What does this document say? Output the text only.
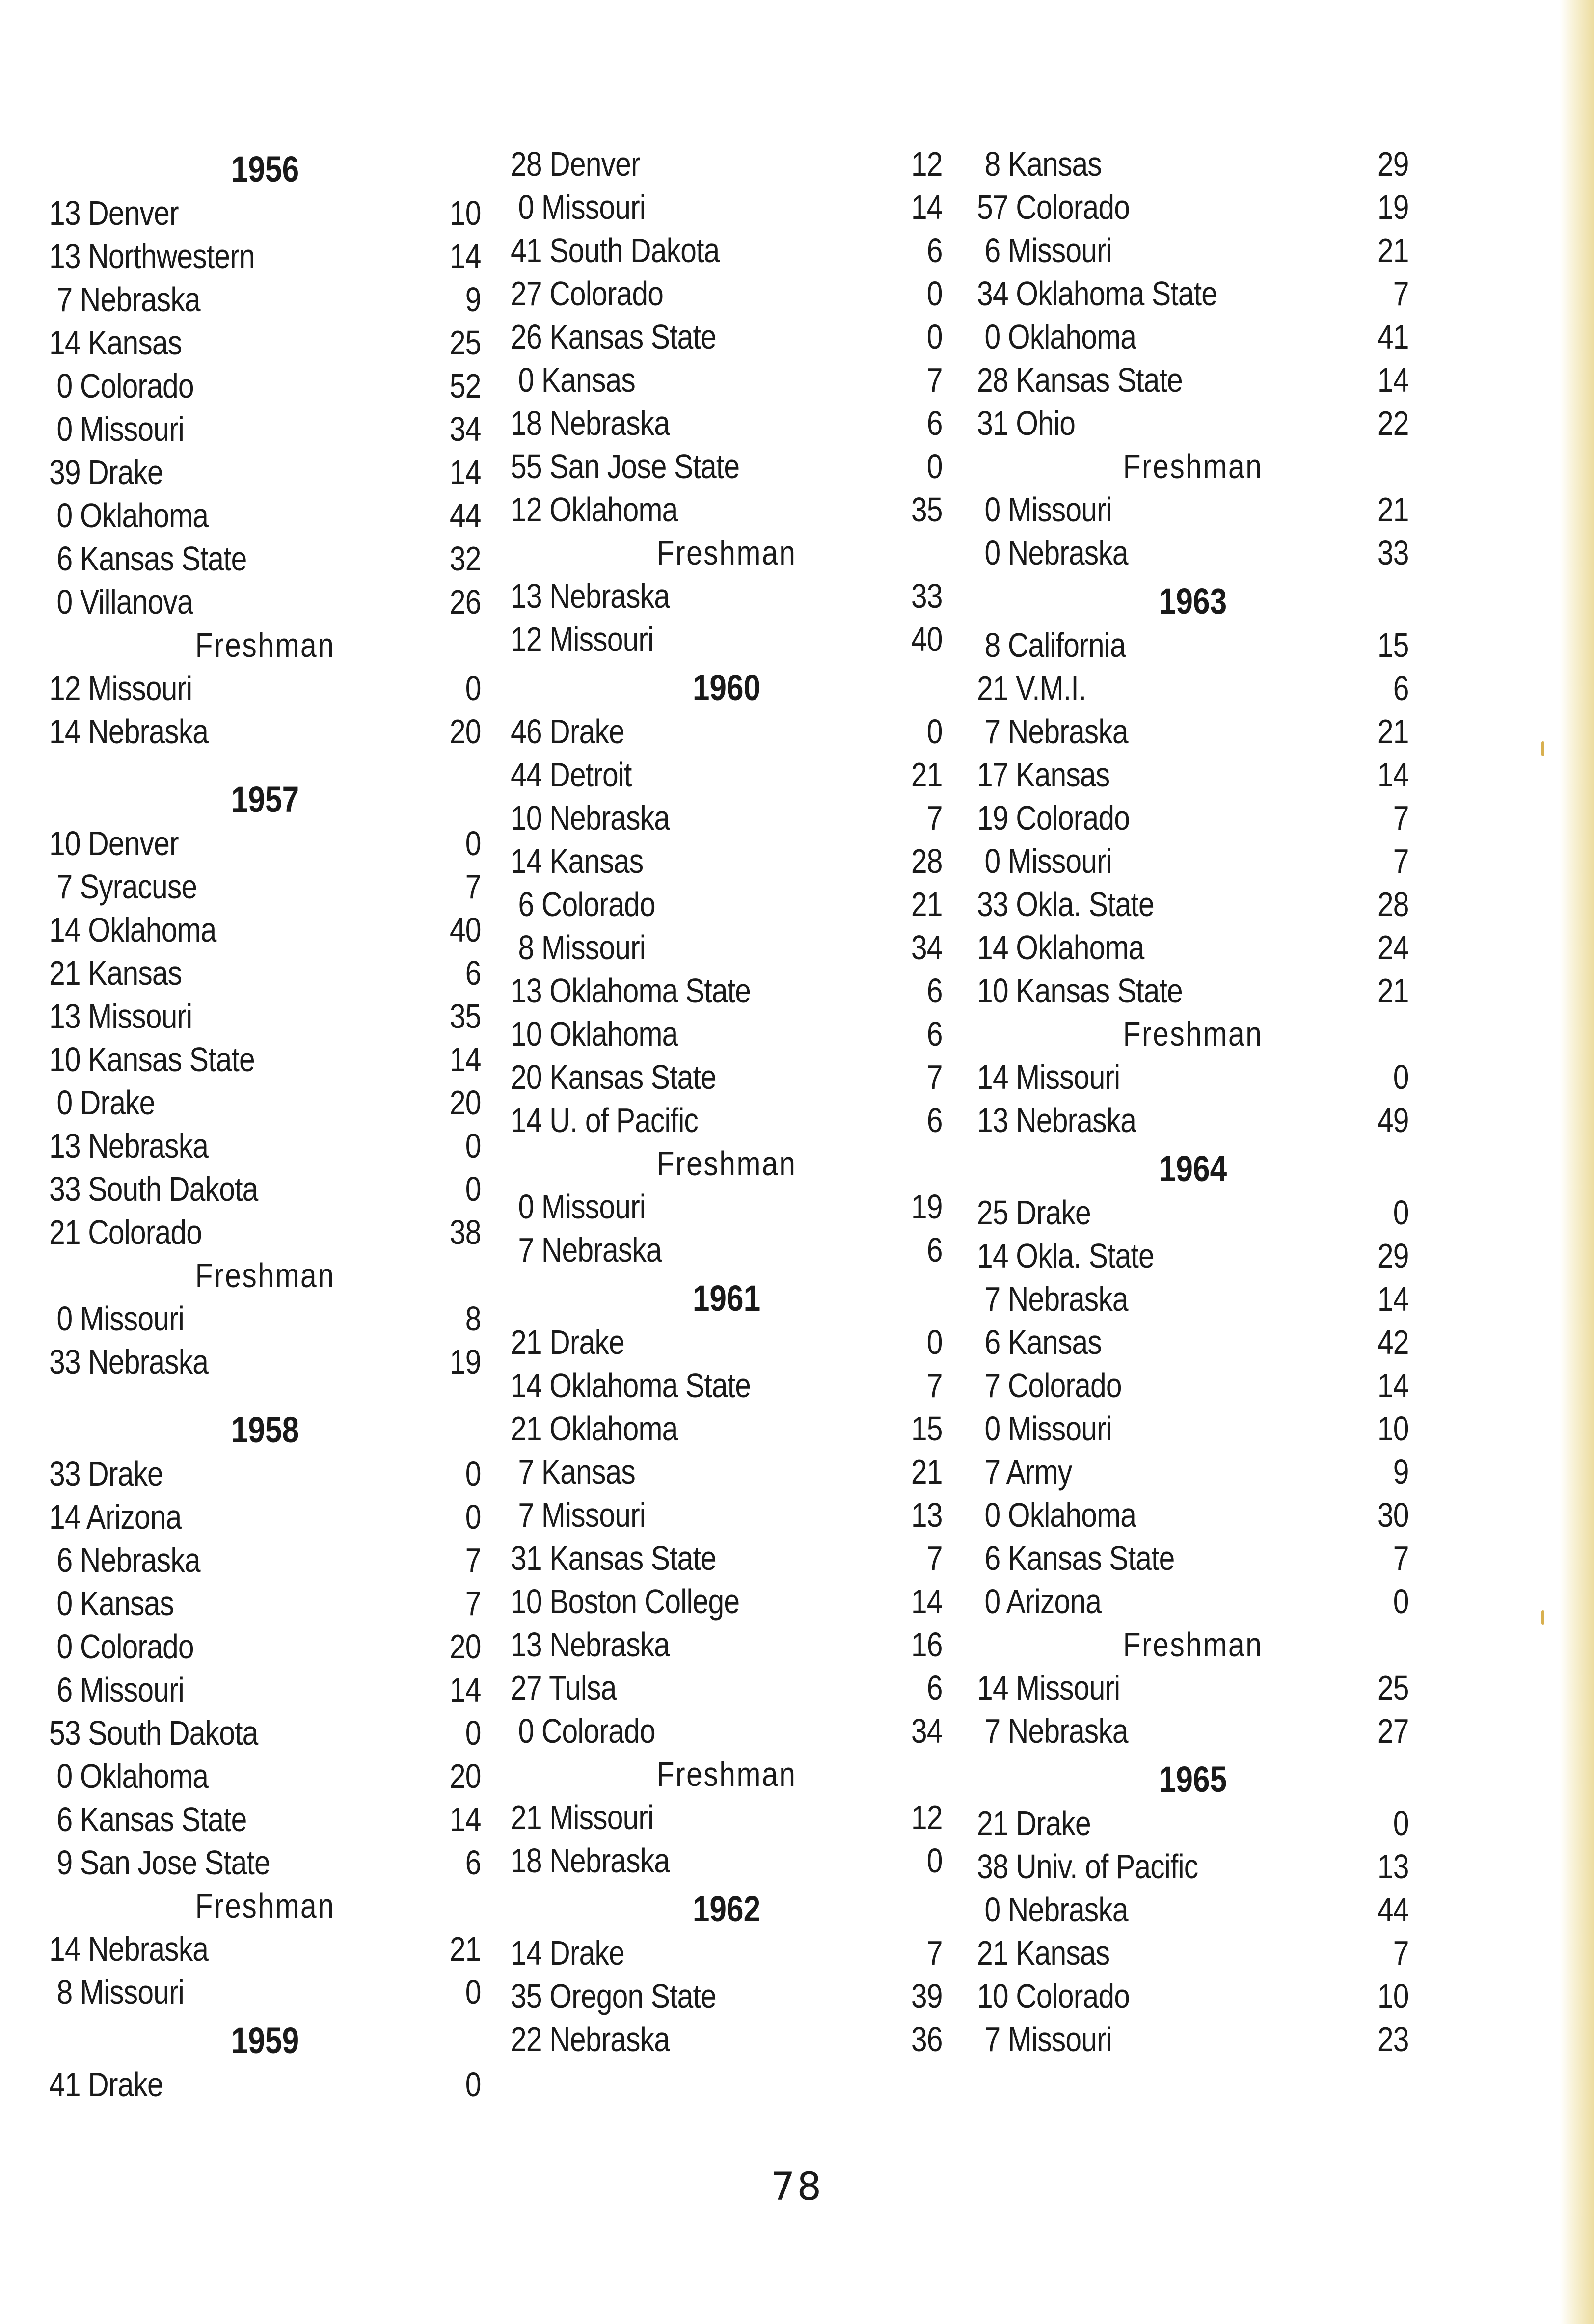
1956
13 Denver	10
13 Northwestern	14
7 Nebraska	9
14 Kansas	25
0 Colorado	52
0 Missouri	34
39 Drake	14
0 Oklahoma	44
6 Kansas State	32
0 Villanova	26
Freshman
12 Missouri	0
14 Nebraska	20
1957
10 Denver	0
7 Syracuse	7
14 Oklahoma	40
21 Kansas	6
13 Missouri	35
10 Kansas State	14
0 Drake	20
13 Nebraska	0
33 South Dakota	0
21 Colorado	38
Freshman
0 Missouri	8
33 Nebraska	19
1958
33 Drake	0
14 Arizona	0
6 Nebraska	7
0 Kansas	7
0 Colorado	20
6 Missouri	14
53 South Dakota	0
0 Oklahoma	20
6 Kansas State	14
9 San Jose State	6
Freshman
14 Nebraska	21
8 Missouri	0
1959
41 Drake	0
28 Denver	12
0 Missouri	14
41 South Dakota	6
27 Colorado	0
26 Kansas State	0
0 Kansas	7
18 Nebraska	6
55 San Jose State	0
12 Oklahoma	35
Freshman
13 Nebraska	33
12 Missouri	40
1960
46 Drake	0
44 Detroit	21
10 Nebraska	7
14 Kansas	28
6 Colorado	21
8 Missouri	34
13 Oklahoma State	6
10 Oklahoma	6
20 Kansas State	7
14 U. of Pacific	6
Freshman
0 Missouri	19
7 Nebraska	6
1961
21 Drake	0
14 Oklahoma State	7
21 Oklahoma	15
7 Kansas	21
7 Missouri	13
31 Kansas State	7
10 Boston College	14
13 Nebraska	16
27 Tulsa	6
0 Colorado	34
Freshman
21 Missouri	12
18 Nebraska	0
1962
14 Drake	7
35 Oregon State	39
22 Nebraska	36
8 Kansas	29
57 Colorado	19
6 Missouri	21
34 Oklahoma State	7
0 Oklahoma	41
28 Kansas State	14
31 Ohio	22
Freshman
0 Missouri	21
0 Nebraska	33
1963
8 California	15
21 V.M.I.	6
7 Nebraska	21
17 Kansas	14
19 Colorado	7
0 Missouri	7
33 Okla. State	28
14 Oklahoma	24
10 Kansas State	21
Freshman
14 Missouri	0
13 Nebraska	49
1964
25 Drake	0
14 Okla. State	29
7 Nebraska	14
6 Kansas	42
7 Colorado	14
0 Missouri	10
7 Army	9
0 Oklahoma	30
6 Kansas State	7
0 Arizona	0
Freshman
14 Missouri	25
7 Nebraska	27
1965
21 Drake	0
38 Univ. of Pacific	13
0 Nebraska	44
21 Kansas	7
10 Colorado	10
7 Missouri	23
78
